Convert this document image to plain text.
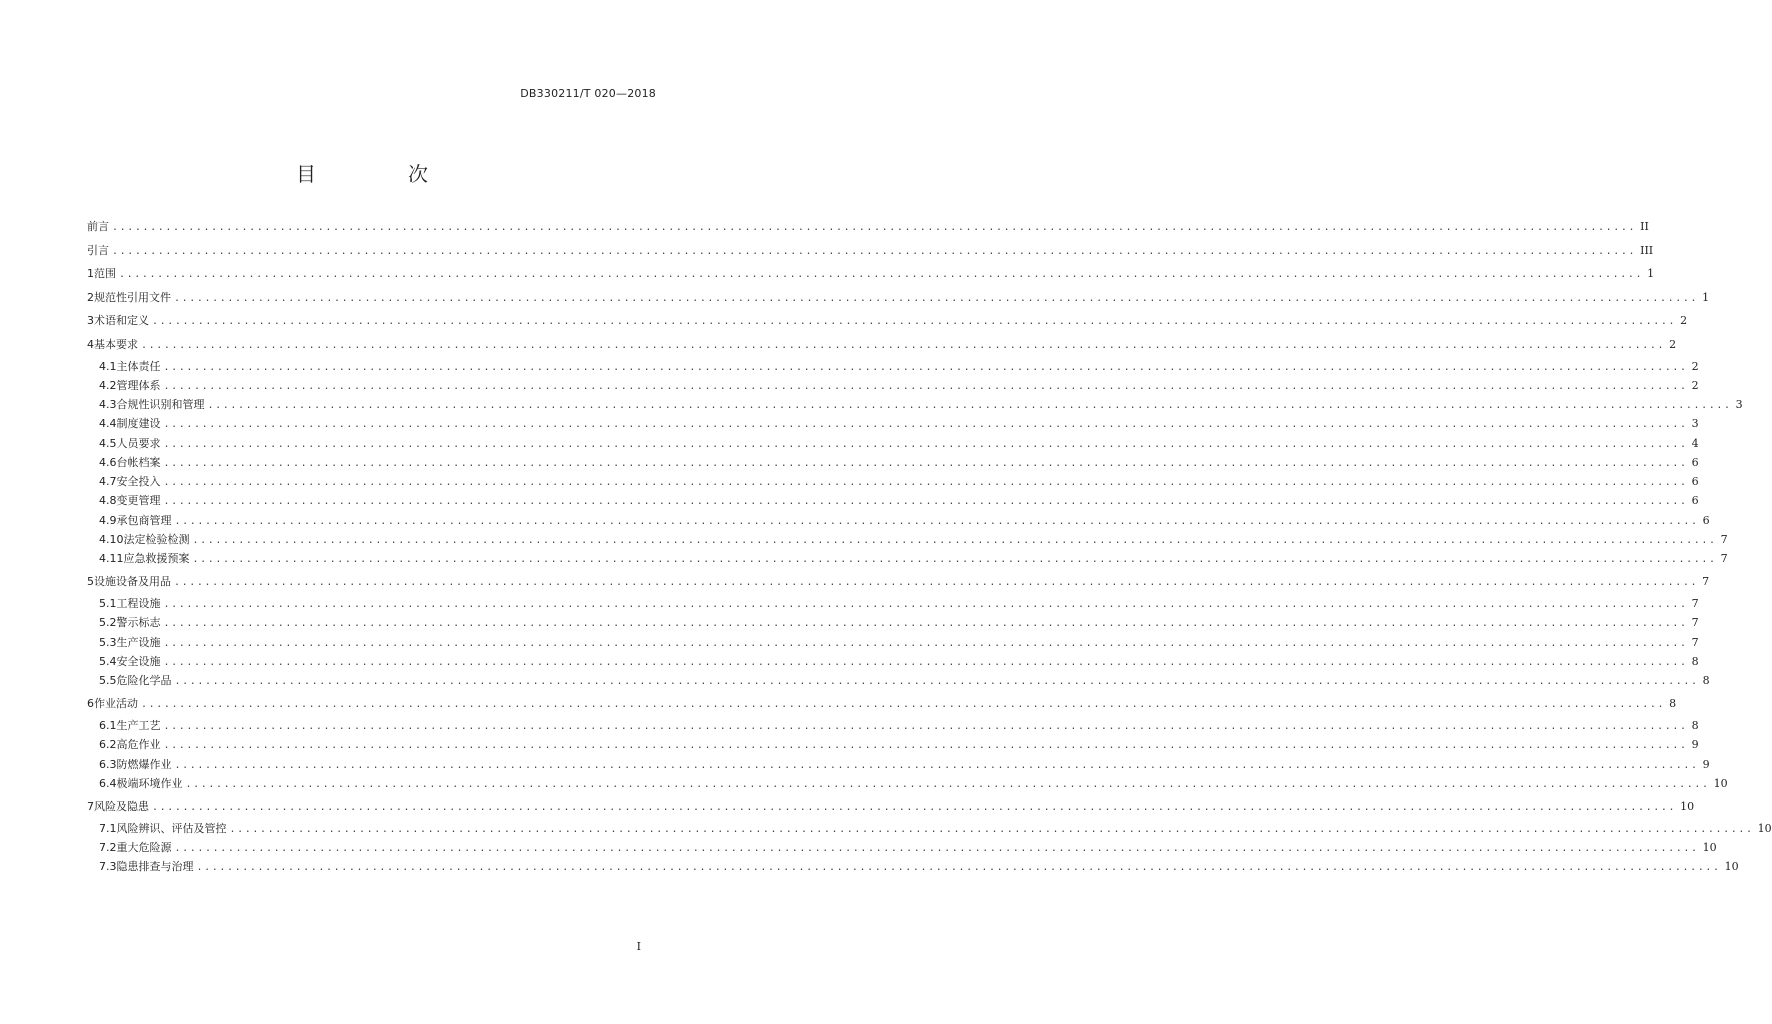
DB330211/T 020—2018
目　次
前言 ........................................................................................................................................................................................................ II
引言 ........................................................................................................................................................................................................ III
1 范围 ........................................................................................................................................................................................................ 1
2 规范性引用文件 ........................................................................................................................................................................................................ 1
3 术语和定义 ........................................................................................................................................................................................................ 2
4 基本要求 ........................................................................................................................................................................................................ 2
4.1 主体责任 ........................................................................................................................................................................................................ 2
4.2 管理体系 ........................................................................................................................................................................................................ 2
4.3 合规性识别和管理 ........................................................................................................................................................................................................ 3
4.4 制度建设 ........................................................................................................................................................................................................ 3
4.5 人员要求 ........................................................................................................................................................................................................ 4
4.6 台帐档案 ........................................................................................................................................................................................................ 6
4.7 安全投入 ........................................................................................................................................................................................................ 6
4.8 变更管理 ........................................................................................................................................................................................................ 6
4.9 承包商管理 ........................................................................................................................................................................................................ 6
4.10 法定检验检测 ........................................................................................................................................................................................................ 7
4.11 应急救援预案 ........................................................................................................................................................................................................ 7
5 设施设备及用品 ........................................................................................................................................................................................................ 7
5.1 工程设施 ........................................................................................................................................................................................................ 7
5.2 警示标志 ........................................................................................................................................................................................................ 7
5.3 生产设施 ........................................................................................................................................................................................................ 7
5.4 安全设施 ........................................................................................................................................................................................................ 8
5.5 危险化学品 ........................................................................................................................................................................................................ 8
6 作业活动 ........................................................................................................................................................................................................ 8
6.1 生产工艺 ........................................................................................................................................................................................................ 8
6.2 高危作业 ........................................................................................................................................................................................................ 9
6.3 防燃爆作业 ........................................................................................................................................................................................................ 9
6.4 极端环境作业 ........................................................................................................................................................................................................ 10
7 风险及隐患 ........................................................................................................................................................................................................ 10
7.1 风险辨识、评估及管控 ........................................................................................................................................................................................................ 10
7.2 重大危险源 ........................................................................................................................................................................................................ 10
7.3 隐患排查与治理 ........................................................................................................................................................................................................ 10
I
